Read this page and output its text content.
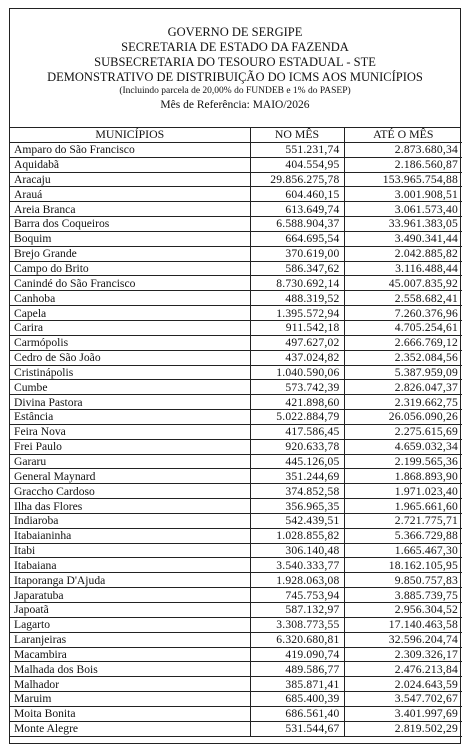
GOVERNO DE SERGIPE
SECRETARIA DE ESTADO DA FAZENDA
SUBSECRETARIA DO TESOURO ESTADUAL - STE
DEMONSTRATIVO DE DISTRIBUIÇÃO DO ICMS AOS MUNICÍPIOS
(Incluindo parcela de 20,00% do FUNDEB e 1% do PASEP)
Mês de Referência: MAIO/2026
MUNICÍPIOS	NO MÊS	ATÉ O MÊS
Amparo do São Francisco	551.231,74	2.873.680,34
Aquidabã	404.554,95	2.186.560,87
Aracaju	29.856.275,78	153.965.754,88
Arauá	604.460,15	3.001.908,51
Areia Branca	613.649,74	3.061.573,40
Barra dos Coqueiros	6.588.904,37	33.961.383,05
Boquim	664.695,54	3.490.341,44
Brejo Grande	370.619,00	2.042.885,82
Campo do Brito	586.347,62	3.116.488,44
Canindé do São Francisco	8.730.692,14	45.007.835,92
Canhoba	488.319,52	2.558.682,41
Capela	1.395.572,94	7.260.376,96
Carira	911.542,18	4.705.254,61
Carmópolis	497.627,02	2.666.769,12
Cedro de São João	437.024,82	2.352.084,56
Cristinápolis	1.040.590,06	5.387.959,09
Cumbe	573.742,39	2.826.047,37
Divina Pastora	421.898,60	2.319.662,75
Estância	5.022.884,79	26.056.090,26
Feira Nova	417.586,45	2.275.615,69
Frei Paulo	920.633,78	4.659.032,34
Gararu	445.126,05	2.199.565,36
General Maynard	351.244,69	1.868.893,90
Graccho Cardoso	374.852,58	1.971.023,40
Ilha das Flores	356.965,35	1.965.661,60
Indiaroba	542.439,51	2.721.775,71
Itabaianinha	1.028.855,82	5.366.729,88
Itabi	306.140,48	1.665.467,30
Itabaiana	3.540.333,77	18.162.105,95
Itaporanga D'Ajuda	1.928.063,08	9.850.757,83
Japaratuba	745.753,94	3.885.739,75
Japoatã	587.132,97	2.956.304,52
Lagarto	3.308.773,55	17.140.463,58
Laranjeiras	6.320.680,81	32.596.204,74
Macambira	419.090,74	2.309.326,17
Malhada dos Bois	489.586,77	2.476.213,84
Malhador	385.871,41	2.024.643,59
Maruim	685.400,39	3.547.702,67
Moita Bonita	686.561,40	3.401.997,69
Monte Alegre	531.544,67	2.819.502,29
